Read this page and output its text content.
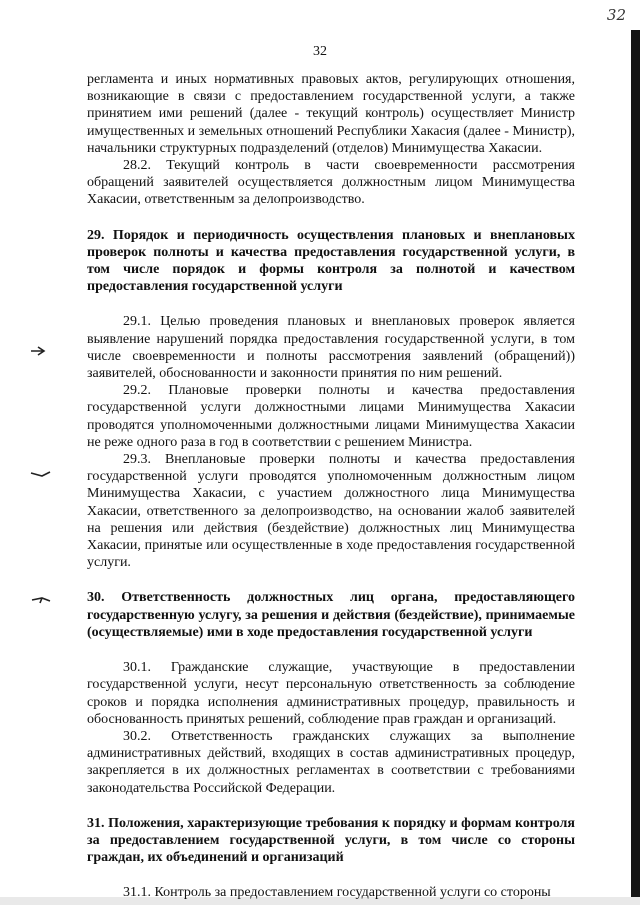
32
32

регламента и иных нормативных правовых актов, регулирующих отношения, возникающие в связи с предоставлением государственной услуги, а также принятием ими решений (далее - текущий контроль) осуществляет Министр имущественных и земельных отношений Республики Хакасия (далее - Министр), начальники структурных подразделений (отделов) Минимущества Хакасии.

28.2. Текущий контроль в части своевременности рассмотрения обращений заявителей осуществляется должностным лицом Минимущества Хакасии, ответственным за делопроизводство.

29. Порядок и периодичность осуществления плановых и внеплановых проверок полноты и качества предоставления государственной услуги, в том числе порядок и формы контроля за полнотой и качеством предоставления государственной услуги

29.1. Целью проведения плановых и внеплановых проверок является выявление нарушений порядка предоставления государственной услуги, в том числе своевременности и полноты рассмотрения заявлений (обращений)) заявителей, обоснованности и законности принятия по ним решений.

29.2. Плановые проверки полноты и качества предоставления государственной услуги должностными лицами Минимущества Хакасии проводятся уполномоченными должностными лицами Минимущества Хакасии не реже одного раза в год в соответствии с решением Министра.

29.3. Внеплановые проверки полноты и качества предоставления государственной услуги проводятся уполномоченным должностным лицом Минимущества Хакасии, с участием должностного лица Минимущества Хакасии, ответственного за делопроизводство, на основании жалоб заявителей на решения или действия (бездействие) должностных лиц Минимущества Хакасии, принятые или осуществленные в ходе предоставления государственной услуги.

30. Ответственность должностных лиц органа, предоставляющего государственную услугу, за решения и действия (бездействие), принимаемые (осуществляемые) ими в ходе предоставления государственной услуги

30.1. Гражданские служащие, участвующие в предоставлении государственной услуги, несут персональную ответственность за соблюдение сроков и порядка исполнения административных процедур, правильность и обоснованность принятых решений, соблюдение прав граждан и организаций.

30.2. Ответственность гражданских служащих за выполнение административных действий, входящих в состав административных процедур, закрепляется в их должностных регламентах в соответствии с требованиями законодательства Российской Федерации.

31. Положения, характеризующие требования к порядку и формам контроля за предоставлением государственной услуги, в том числе со стороны граждан, их объединений и организаций

31.1. Контроль за предоставлением государственной услуги со стороны
